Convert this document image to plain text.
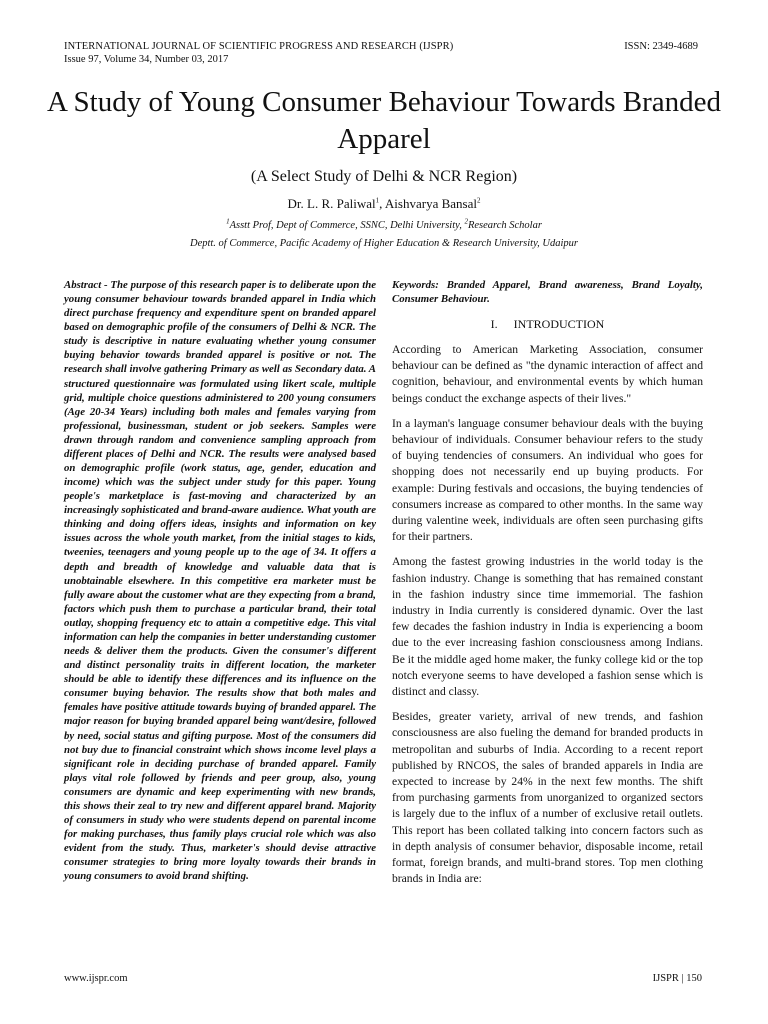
INTERNATIONAL JOURNAL OF SCIENTIFIC PROGRESS AND RESEARCH (IJSPR)	ISSN: 2349-4689
Issue 97, Volume 34, Number 03, 2017
A Study of Young Consumer Behaviour Towards Branded Apparel
(A Select Study of Delhi & NCR Region)
Dr. L. R. Paliwal$^1$, Aishvarya Bansal$^2$
$^1$Asstt Prof, Dept of Commerce, SSNC, Delhi University, $^2$Research Scholar
Deptt. of Commerce, Pacific Academy of Higher Education & Research University, Udaipur
Abstract - The purpose of this research paper is to deliberate upon the young consumer behaviour towards branded apparel in India which direct purchase frequency and expenditure spent on branded apparel based on demographic profile of the consumers of Delhi & NCR. The study is descriptive in nature evaluating whether young consumer buying behavior towards branded apparel is positive or not. The research shall involve gathering Primary as well as Secondary data. A structured questionnaire was formulated using likert scale, multiple grid, multiple choice questions administered to 200 young consumers (Age 20-34 Years) including both males and females varying from professional, businessman, student or job seekers. Samples were drawn through random and convenience sampling approach from different places of Delhi and NCR. The results were analysed based on demographic profile (work status, age, gender, education and income) which was the subject under study for this paper. Young people's marketplace is fast-moving and characterized by an increasingly sophisticated and brand-aware audience. What youth are thinking and doing offers ideas, insights and information on key issues across the whole youth market, from the initial stages to kids, tweenies, teenagers and young people up to the age of 34. It offers a depth and breadth of knowledge and valuable data that is unobtainable elsewhere. In this competitive era marketer must be fully aware about the customer what are they expecting from a brand, factors which push them to purchase a particular brand, their total outlay, shopping frequency etc to attain a competitive edge. This vital information can help the companies in better understanding customer needs & deliver them the products. Given the consumer's different and distinct personality traits in different location, the marketer should be able to identify these differences and its influence on the consumer buying behavior. The results show that both males and females have positive attitude towards buying of branded apparel. The major reason for buying branded apparel being want/desire, followed by need, social status and gifting purpose. Most of the consumers did not buy due to financial constraint which shows income level plays a significant role in deciding purchase of branded apparel. Family plays vital role followed by friends and peer group, also, young consumers are dynamic and keep experimenting with new brands, this shows their zeal to try new and different apparel brand. Majority of consumers in study who were students depend on parental income for making purchases, thus family plays crucial role which was also evident from the study. Thus, marketer's should devise attractive consumer strategies to bring more loyalty towards their brands in young consumers to avoid brand shifting.

Keywords: Branded Apparel, Brand awareness, Brand Loyalty, Consumer Behaviour.

I. INTRODUCTION

According to American Marketing Association, consumer behaviour can be defined as "the dynamic interaction of affect and cognition, behaviour, and environmental events by which human beings conduct the exchange aspects of their lives."

In a layman's language consumer behaviour deals with the buying behaviour of individuals. Consumer behaviour refers to the study of buying tendencies of consumers. An individual who goes for shopping does not necessarily end up buying products. For example: During festivals and occasions, the buying tendencies of consumers increase as compared to other months. In the same way during valentine week, individuals are often seen purchasing gifts for their partners.

Among the fastest growing industries in the world today is the fashion industry. Change is something that has remained constant in the fashion industry since time immemorial. The fashion industry in India currently is considered dynamic. Over the last few decades the fashion industry in India is experiencing a boom due to the ever increasing fashion consciousness among Indians. Be it the middle aged home maker, the funky college kid or the top notch everyone seems to have developed a fashion sense which is distinct and classy.

Besides, greater variety, arrival of new trends, and fashion consciousness are also fueling the demand for branded products in metropolitan and suburbs of India. According to a recent report published by RNCOS, the sales of branded apparels in India are expected to increase by 24% in the next few months. The shift from purchasing garments from unorganized to organized sectors is largely due to the influx of a number of exclusive retail outlets. This report has been collated talking into concern factors such as in depth analysis of consumer behavior, disposable income, retail format, foreign brands, and multi-brand stores. Top men clothing brands in India are:

www.ijspr.com	IJSPR | 150
